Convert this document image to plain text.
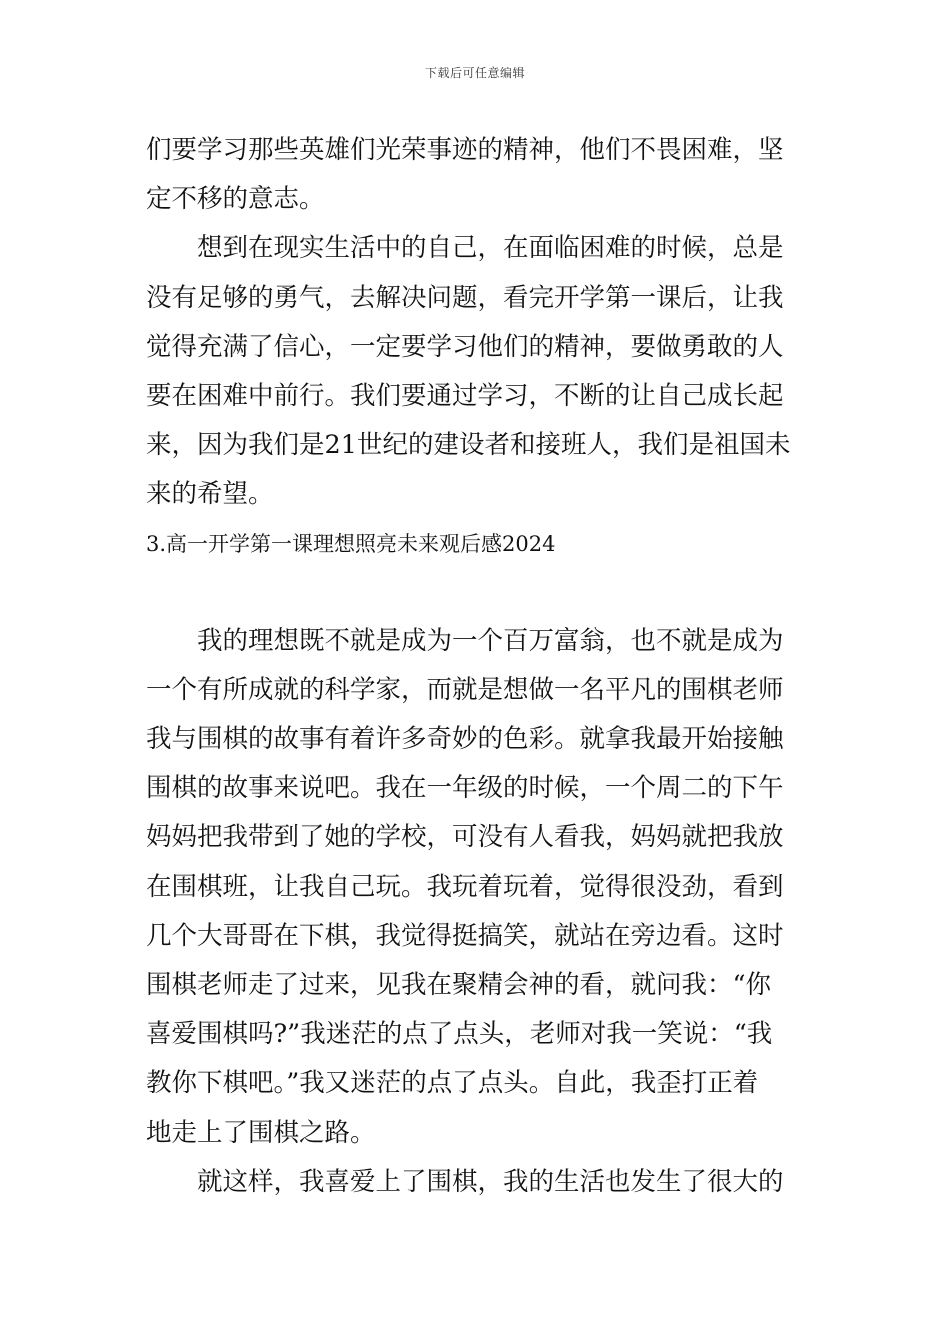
下载后可任意编辑
们要学习那些英雄们光荣事迹的精神，他们不畏困难，坚
定不移的意志。
想到在现实生活中的自己，在面临困难的时候，总是
没有足够的勇气，去解决问题，看完开学第一课后，让我
觉得充满了信心，一定要学习他们的精神，要做勇敢的人
要在困难中前行。我们要通过学习，不断的让自己成长起
来，因为我们是21世纪的建设者和接班人，我们是祖国未
来的希望。
3.高一开学第一课理想照亮未来观后感2024
我的理想既不就是成为一个百万富翁，也不就是成为
一个有所成就的科学家，而就是想做一名平凡的围棋老师
我与围棋的故事有着许多奇妙的色彩。就拿我最开始接触
围棋的故事来说吧。我在一年级的时候，一个周二的下午
妈妈把我带到了她的学校，可没有人看我，妈妈就把我放
在围棋班，让我自己玩。我玩着玩着，觉得很没劲，看到
几个大哥哥在下棋，我觉得挺搞笑，就站在旁边看。这时
围棋老师走了过来，见我在聚精会神的看，就问我：“你
喜爱围棋吗?”我迷茫的点了点头，老师对我一笑说：“我
教你下棋吧。”我又迷茫的点了点头。自此，我歪打正着
地走上了围棋之路。
就这样，我喜爱上了围棋，我的生活也发生了很大的
